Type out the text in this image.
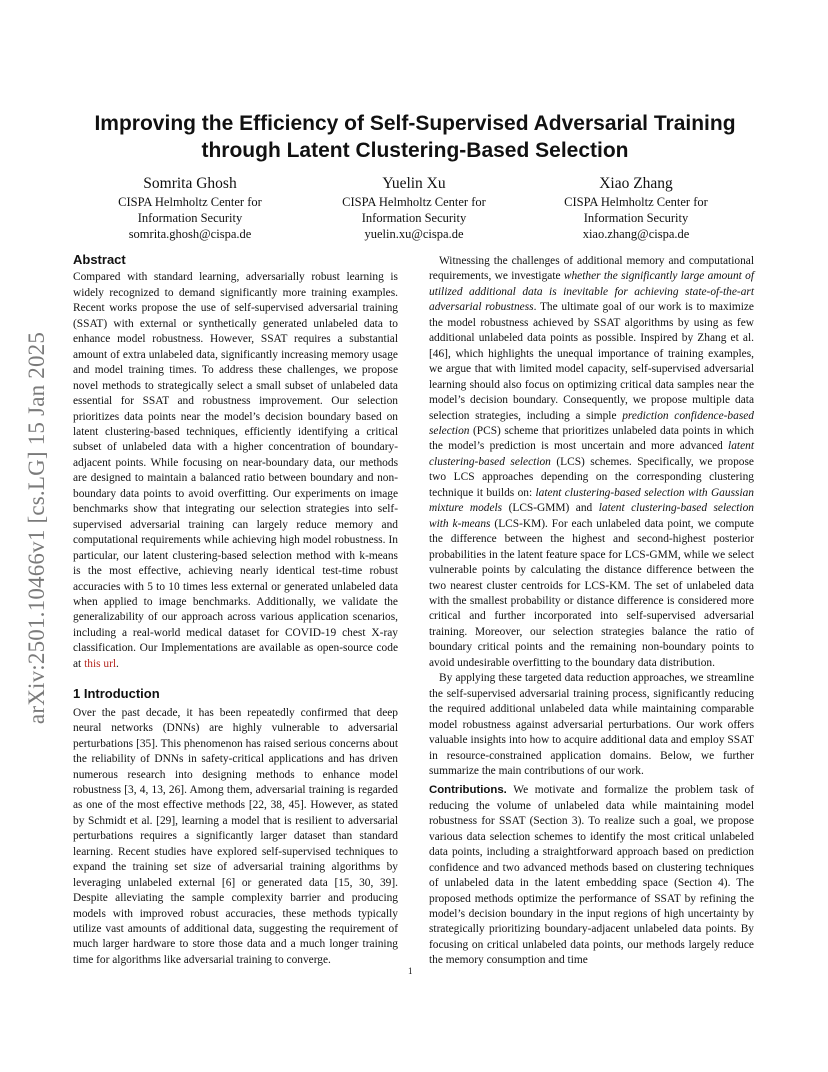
arXiv:2501.10466v1 [cs.LG] 15 Jan 2025
Improving the Efficiency of Self-Supervised Adversarial Training
through Latent Clustering-Based Selection
Somrita Ghosh
CISPA Helmholtz Center for
Information Security
somrita.ghosh@cispa.de
Yuelin Xu
CISPA Helmholtz Center for
Information Security
yuelin.xu@cispa.de
Xiao Zhang
CISPA Helmholtz Center for
Information Security
xiao.zhang@cispa.de
Abstract

Compared with standard learning, adversarially robust learning is widely recognized to demand significantly more training examples. Recent works propose the use of self-supervised adversarial training (SSAT) with external or synthetically generated unlabeled data to enhance model robustness. However, SSAT requires a substantial amount of extra unlabeled data, significantly increasing memory usage and model training times. To address these challenges, we propose novel methods to strategically select a small subset of unlabeled data essential for SSAT and robustness improvement. Our selection prioritizes data points near the model’s decision boundary based on latent clustering-based techniques, efficiently identifying a critical subset of unlabeled data with a higher concentration of boundary-adjacent points. While focusing on near-boundary data, our methods are designed to maintain a balanced ratio between boundary and non-boundary data points to avoid overfitting. Our experiments on image benchmarks show that integrating our selection strategies into self-supervised adversarial training can largely reduce memory and computational requirements while achieving high model robustness. In particular, our latent clustering-based selection method with k-means is the most effective, achieving nearly identical test-time robust accuracies with 5 to 10 times less external or generated unlabeled data when applied to image benchmarks. Additionally, we validate the generalizability of our approach across various application scenarios, including a real-world medical dataset for COVID-19 chest X-ray classification. Our Implementations are available as open-source code at this url.

1 Introduction

Over the past decade, it has been repeatedly confirmed that deep neural networks (DNNs) are highly vulnerable to adversarial perturbations [35]. This phenomenon has raised serious concerns about the reliability of DNNs in safety-critical applications and has driven numerous research into designing methods to enhance model robustness [3, 4, 13, 26]. Among them, adversarial training is regarded as one of the most effective methods [22, 38, 45]. However, as stated by Schmidt et al. [29], learning a model that is resilient to adversarial perturbations requires a significantly larger dataset than standard learning. Recent studies have explored self-supervised techniques to expand the training set size of adversarial training algorithms by leveraging unlabeled external [6] or generated data [15, 30, 39]. Despite alleviating the sample complexity barrier and producing models with improved robust accuracies, these methods typically utilize vast amounts of additional data, suggesting the requirement of much larger hardware to store those data and a much longer training time for algorithms like adversarial training to converge.

Witnessing the challenges of additional memory and computational requirements, we investigate whether the significantly large amount of utilized additional data is inevitable for achieving state-of-the-art adversarial robustness. The ultimate goal of our work is to maximize the model robustness achieved by SSAT algorithms by using as few additional unlabeled data points as possible. Inspired by Zhang et al. [46], which highlights the unequal importance of training examples, we argue that with limited model capacity, self-supervised adversarial learning should also focus on optimizing critical data samples near the model’s decision boundary. Consequently, we propose multiple data selection strategies, including a simple prediction confidence-based selection (PCS) scheme that prioritizes unlabeled data points in which the model’s prediction is most uncertain and more advanced latent clustering-based selection (LCS) schemes. Specifically, we propose two LCS approaches depending on the corresponding clustering technique it builds on: latent clustering-based selection with Gaussian mixture models (LCS-GMM) and latent clustering-based selection with k-means (LCS-KM). For each unlabeled data point, we compute the difference between the highest and second-highest posterior probabilities in the latent feature space for LCS-GMM, while we select vulnerable points by calculating the distance difference between the two nearest cluster centroids for LCS-KM. The set of unlabeled data with the smallest probability or distance difference is considered more critical and further incorporated into self-supervised adversarial training. Moreover, our selection strategies balance the ratio of boundary critical points and the remaining non-boundary points to avoid undesirable overfitting to the boundary data distribution.

By applying these targeted data reduction approaches, we streamline the self-supervised adversarial training process, significantly reducing the required additional unlabeled data while maintaining comparable model robustness against adversarial perturbations. Our work offers valuable insights into how to acquire additional data and employ SSAT in resource-constrained application domains. Below, we further summarize the main contributions of our work.

Contributions. We motivate and formalize the problem task of reducing the volume of unlabeled data while maintaining model robustness for SSAT (Section 3). To realize such a goal, we propose various data selection schemes to identify the most critical unlabeled data points, including a straightforward approach based on prediction confidence and two advanced methods based on clustering techniques of unlabeled data in the latent embedding space (Section 4). The proposed methods optimize the performance of SSAT by refining the model’s decision boundary in the input regions of high uncertainty by strategically prioritizing boundary-adjacent unlabeled data points. By focusing on critical unlabeled data points, our methods largely reduce the memory consumption and time

1
